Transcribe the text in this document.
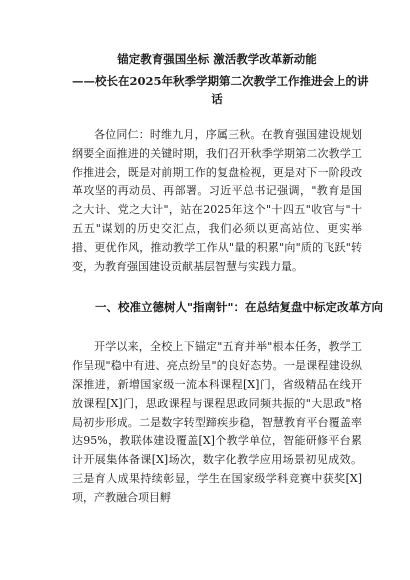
锚定教育强国坐标 激活教学改革新动能

——校长在2025年秋季学期第二次教学工作推进会上的讲
话

各位同仁：时维九月，序属三秋。在教育强国建设规划纲要全面推进的关键时期，我们召开秋季学期第二次教学工作推进会，既是对前期工作的复盘检视，更是对下一阶段改革攻坚的再动员、再部署。习近平总书记强调，"教育是国之大计、党之大计"，站在2025年这个"十四五"收官与"十五五"谋划的历史交汇点，我们必须以更高站位、更实举措、更优作风，推动教学工作从"量的积累"向"质的飞跃"转变，为教育强国建设贡献基层智慧与实践力量。

一、校准立德树人"指南针"：在总结复盘中标定改革方向

开学以来，全校上下锚定"五育并举"根本任务，教学工作呈现"稳中有进、亮点纷呈"的良好态势。一是课程建设纵深推进，新增国家级一流本科课程[X]门，省级精品在线开放课程[X]门，思政课程与课程思政同频共振的"大思政"格局初步形成。二是数字转型蹄疾步稳，智慧教育平台覆盖率达95%，教联体建设覆盖[X]个教学单位，智能研修平台累计开展集体备课[X]场次，数字化教学应用场景初见成效。三是育人成果持续彰显，学生在国家级学科竞赛中获奖[X]项，产教融合项目孵
